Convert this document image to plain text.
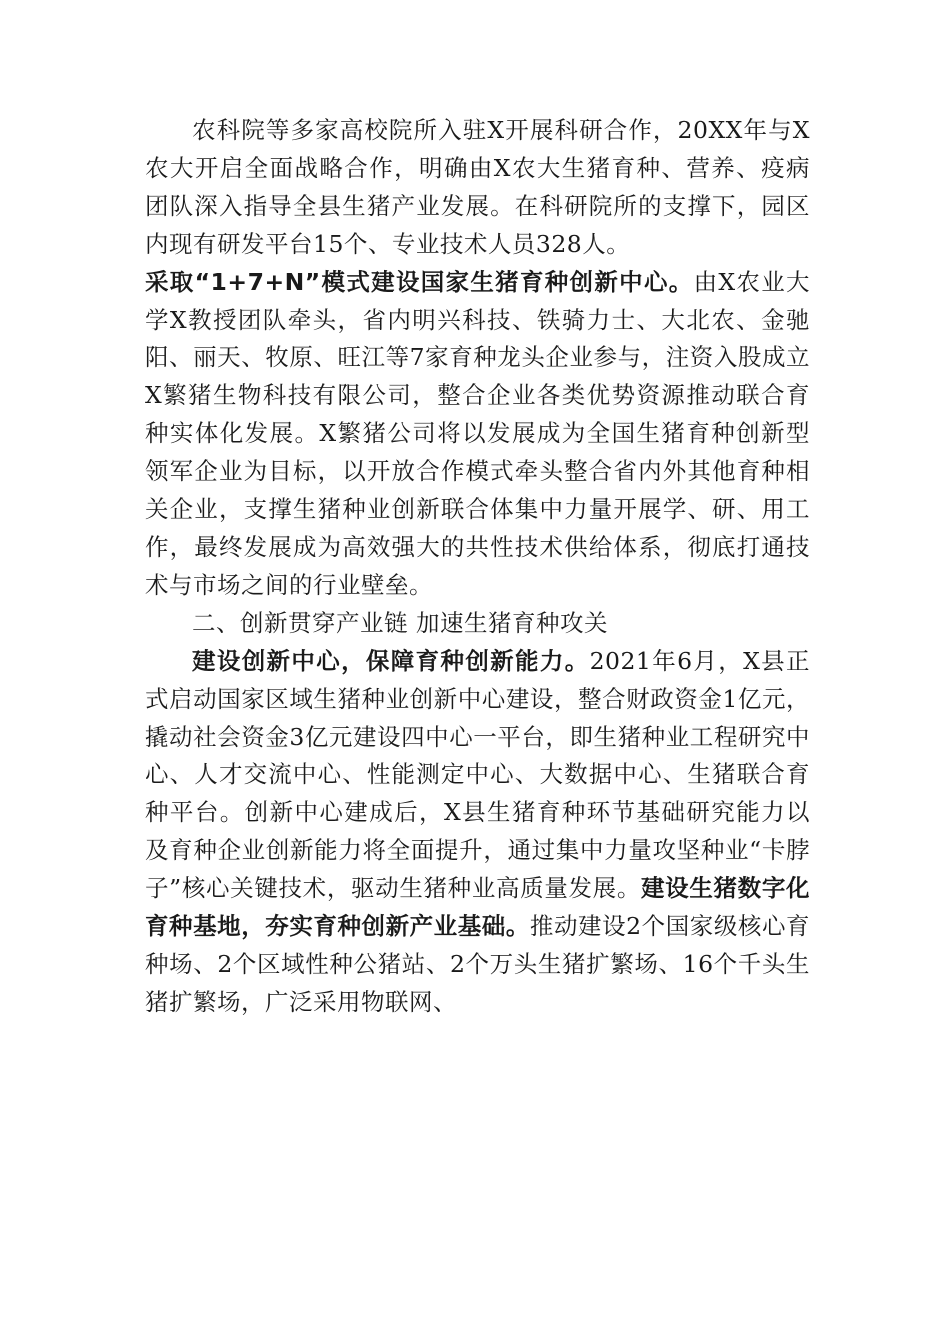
农科院等多家高校院所入驻X开展科研合作，20XX年与X农大开启全面战略合作，明确由X农大生猪育种、营养、疫病团队深入指导全县生猪产业发展。在科研院所的支撑下，园区内现有研发平台15个、专业技术人员328人。

采取“1+7+N”模式建设国家生猪育种创新中心。由X农业大学X教授团队牵头，省内明兴科技、铁骑力士、大北农、金驰阳、丽天、牧原、旺江等7家育种龙头企业参与，注资入股成立X繁猪生物科技有限公司，整合企业各类优势资源推动联合育种实体化发展。X繁猪公司将以发展成为全国生猪育种创新型领军企业为目标，以开放合作模式牵头整合省内外其他育种相关企业，支撑生猪种业创新联合体集中力量开展学、研、用工作，最终发展成为高效强大的共性技术供给体系，彻底打通技术与市场之间的行业壁垒。

二、创新贯穿产业链 加速生猪育种攻关

建设创新中心，保障育种创新能力。2021年6月，X县正式启动国家区域生猪种业创新中心建设，整合财政资金1亿元，撬动社会资金3亿元建设四中心一平台，即生猪种业工程研究中心、人才交流中心、性能测定中心、大数据中心、生猪联合育种平台。创新中心建成后，X县生猪育种环节基础研究能力以及育种企业创新能力将全面提升，通过集中力量攻坚种业“卡脖子”核心关键技术，驱动生猪种业高质量发展。建设生猪数字化育种基地，夯实育种创新产业基础。推动建设2个国家级核心育种场、2个区域性种公猪站、2个万头生猪扩繁场、16个千头生猪扩繁场，广泛采用物联网、
